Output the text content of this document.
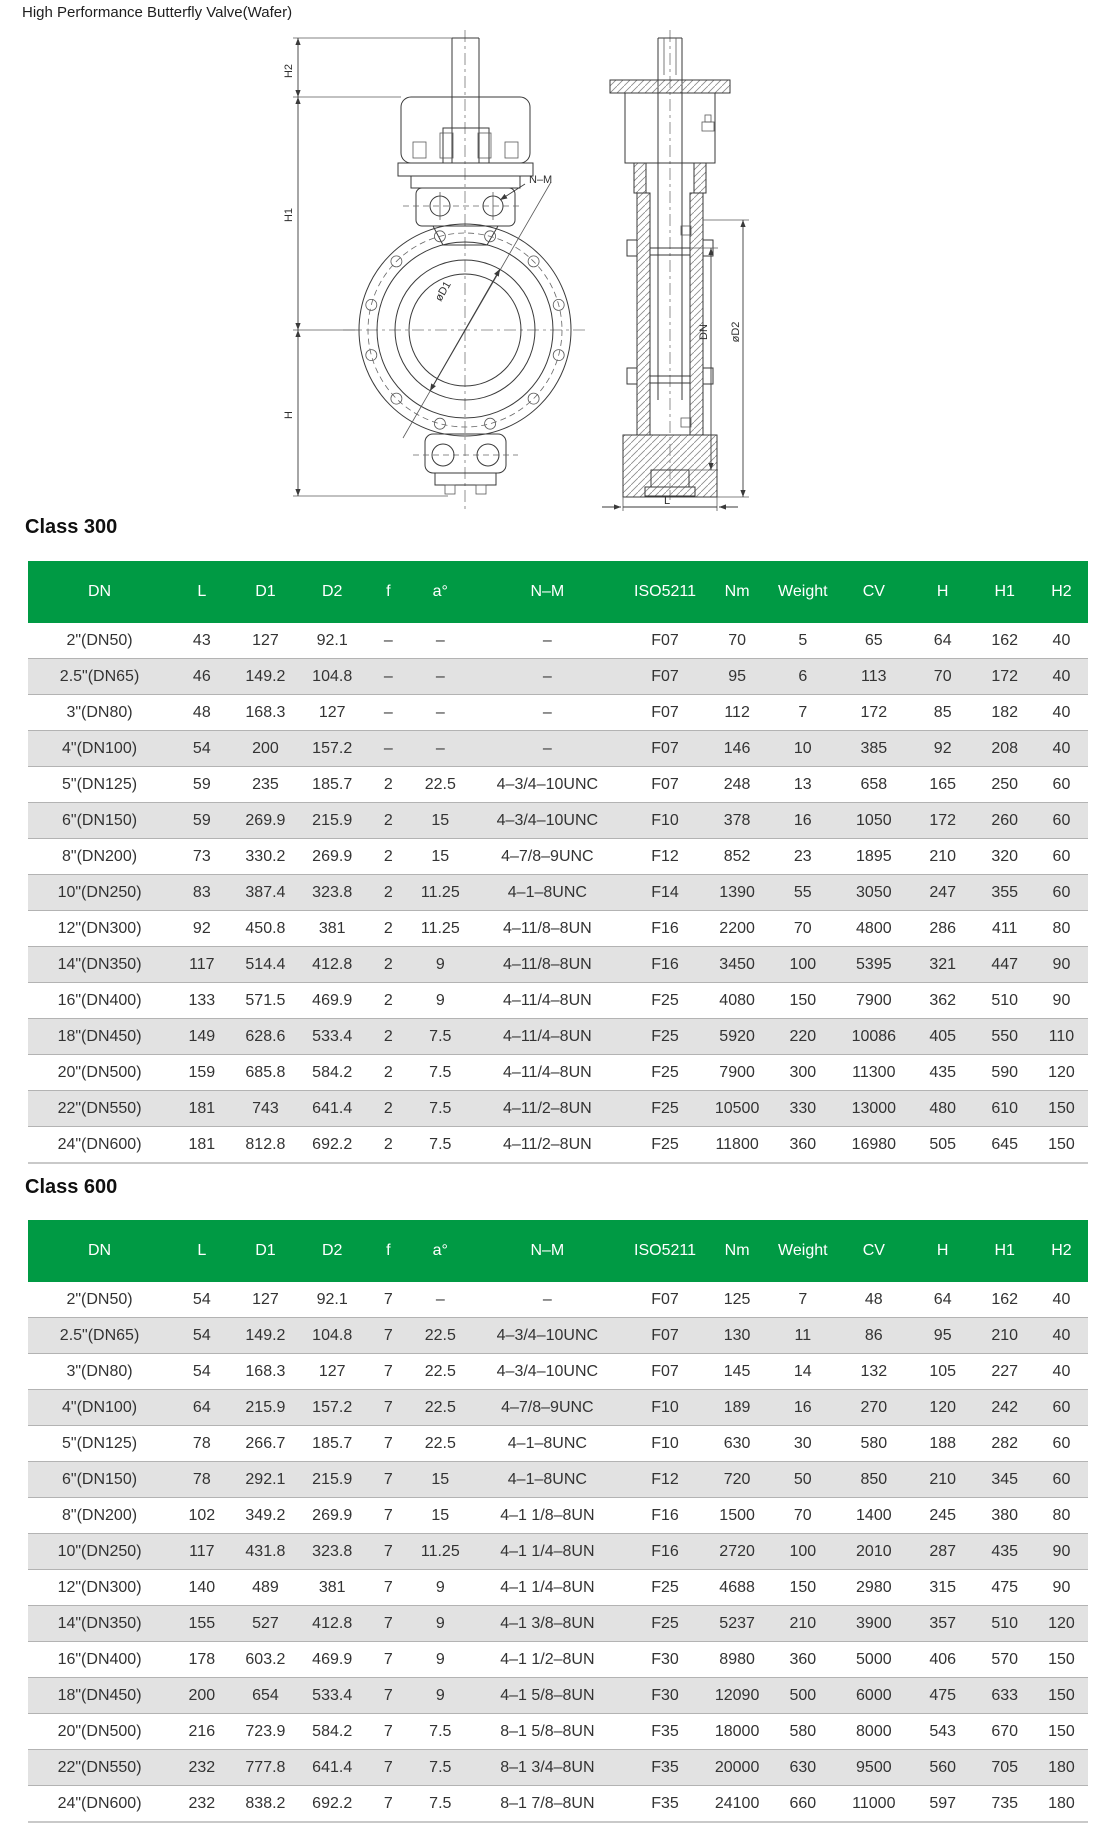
High Performance Butterfly Valve(Wafer)
H2
H1
H
øD1
N–M
DN øD2
L
Class 300
DN	L	D1	D2	f	a°	N–M	ISO5211	Nm	Weight	CV	H	H1	H2
2"(DN50)	43	127	92.1	–	–	–	F07	70	5	65	64	162	40
2.5"(DN65)	46	149.2	104.8	–	–	–	F07	95	6	113	70	172	40
3"(DN80)	48	168.3	127	–	–	–	F07	112	7	172	85	182	40
4"(DN100)	54	200	157.2	–	–	–	F07	146	10	385	92	208	40
5"(DN125)	59	235	185.7	2	22.5	4–3/4–10UNC	F07	248	13	658	165	250	60
6"(DN150)	59	269.9	215.9	2	15	4–3/4–10UNC	F10	378	16	1050	172	260	60
8"(DN200)	73	330.2	269.9	2	15	4–7/8–9UNC	F12	852	23	1895	210	320	60
10"(DN250)	83	387.4	323.8	2	11.25	4–1–8UNC	F14	1390	55	3050	247	355	60
12"(DN300)	92	450.8	381	2	11.25	4–11/8–8UN	F16	2200	70	4800	286	411	80
14"(DN350)	117	514.4	412.8	2	9	4–11/8–8UN	F16	3450	100	5395	321	447	90
16"(DN400)	133	571.5	469.9	2	9	4–11/4–8UN	F25	4080	150	7900	362	510	90
18"(DN450)	149	628.6	533.4	2	7.5	4–11/4–8UN	F25	5920	220	10086	405	550	110
20"(DN500)	159	685.8	584.2	2	7.5	4–11/4–8UN	F25	7900	300	11300	435	590	120
22"(DN550)	181	743	641.4	2	7.5	4–11/2–8UN	F25	10500	330	13000	480	610	150
24"(DN600)	181	812.8	692.2	2	7.5	4–11/2–8UN	F25	11800	360	16980	505	645	150
Class 600
DN	L	D1	D2	f	a°	N–M	ISO5211	Nm	Weight	CV	H	H1	H2
2"(DN50)	54	127	92.1	7	–	–	F07	125	7	48	64	162	40
2.5"(DN65)	54	149.2	104.8	7	22.5	4–3/4–10UNC	F07	130	11	86	95	210	40
3"(DN80)	54	168.3	127	7	22.5	4–3/4–10UNC	F07	145	14	132	105	227	40
4"(DN100)	64	215.9	157.2	7	22.5	4–7/8–9UNC	F10	189	16	270	120	242	60
5"(DN125)	78	266.7	185.7	7	22.5	4–1–8UNC	F10	630	30	580	188	282	60
6"(DN150)	78	292.1	215.9	7	15	4–1–8UNC	F12	720	50	850	210	345	60
8"(DN200)	102	349.2	269.9	7	15	4–1 1/8–8UN	F16	1500	70	1400	245	380	80
10"(DN250)	117	431.8	323.8	7	11.25	4–1 1/4–8UN	F16	2720	100	2010	287	435	90
12"(DN300)	140	489	381	7	9	4–1 1/4–8UN	F25	4688	150	2980	315	475	90
14"(DN350)	155	527	412.8	7	9	4–1 3/8–8UN	F25	5237	210	3900	357	510	120
16"(DN400)	178	603.2	469.9	7	9	4–1 1/2–8UN	F30	8980	360	5000	406	570	150
18"(DN450)	200	654	533.4	7	9	4–1 5/8–8UN	F30	12090	500	6000	475	633	150
20"(DN500)	216	723.9	584.2	7	7.5	8–1 5/8–8UN	F35	18000	580	8000	543	670	150
22"(DN550)	232	777.8	641.4	7	7.5	8–1 3/4–8UN	F35	20000	630	9500	560	705	180
24"(DN600)	232	838.2	692.2	7	7.5	8–1 7/8–8UN	F35	24100	660	11000	597	735	180
